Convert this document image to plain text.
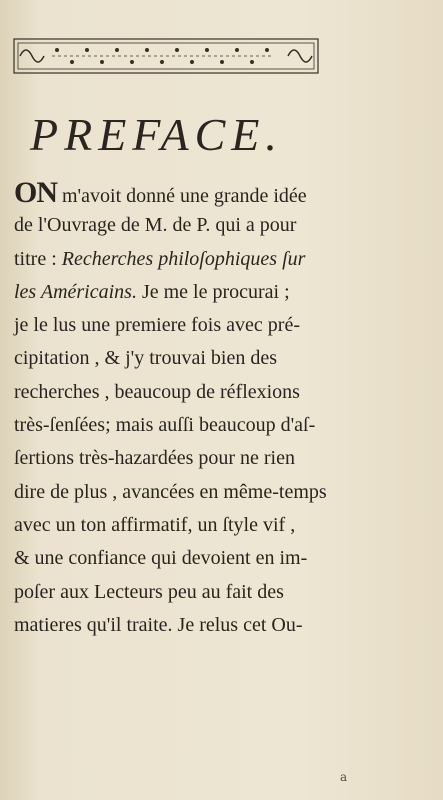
PREFACE.
ON m'avoit donné une grande idée
de l'Ouvrage de M. de P. qui a pour
titre : Recherches philoſophiques ſur
les Américains. Je me le procurai ;
je le lus une premiere fois avec pré-
cipitation , & j'y trouvai bien des
recherches , beaucoup de réflexions
très-ſenſées; mais auſſi beaucoup d'aſ-
ſertions très-hazardées pour ne rien
dire de plus , avancées en même-temps
avec un ton affirmatif, un ſtyle vif ,
& une confiance qui devoient en im-
poſer aux Lecteurs peu au fait des
matieres qu'il traite. Je relus cet Ou-
a
